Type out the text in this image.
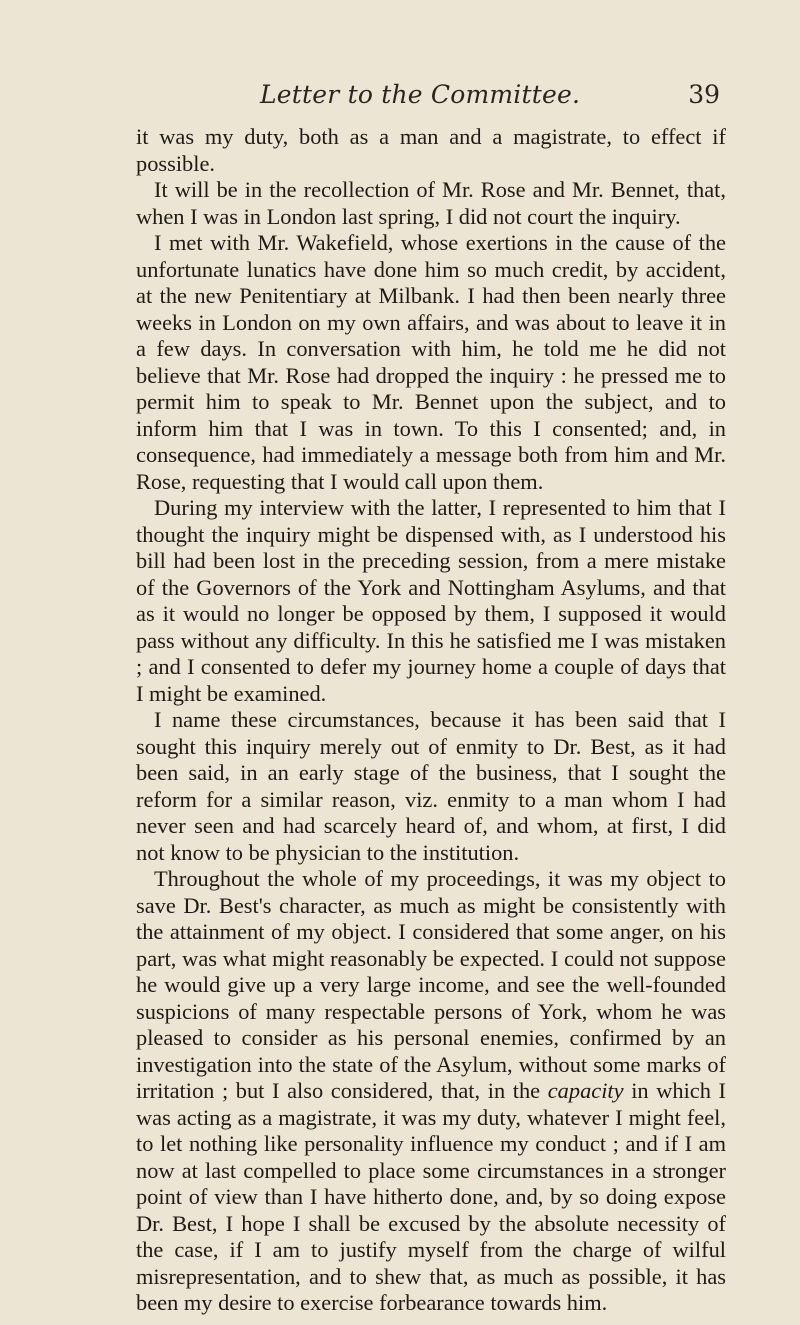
Letter to the Committee.	39

it was my duty, both as a man and a magistrate, to effect if possible.

It will be in the recollection of Mr. Rose and Mr. Bennet, that, when I was in London last spring, I did not court the inquiry.

I met with Mr. Wakefield, whose exertions in the cause of the unfortunate lunatics have done him so much credit, by accident, at the new Penitentiary at Milbank. I had then been nearly three weeks in London on my own affairs, and was about to leave it in a few days. In conversation with him, he told me he did not believe that Mr. Rose had dropped the inquiry : he pressed me to permit him to speak to Mr. Bennet upon the subject, and to inform him that I was in town. To this I consented; and, in consequence, had immediately a message both from him and Mr. Rose, requesting that I would call upon them.

During my interview with the latter, I represented to him that I thought the inquiry might be dispensed with, as I understood his bill had been lost in the preceding session, from a mere mistake of the Governors of the York and Nottingham Asylums, and that as it would no longer be opposed by them, I supposed it would pass without any difficulty. In this he satisfied me I was mistaken ; and I consented to defer my journey home a couple of days that I might be examined.

I name these circumstances, because it has been said that I sought this inquiry merely out of enmity to Dr. Best, as it had been said, in an early stage of the business, that I sought the reform for a similar reason, viz. enmity to a man whom I had never seen and had scarcely heard of, and whom, at first, I did not know to be physician to the institution.

Throughout the whole of my proceedings, it was my object to save Dr. Best's character, as much as might be consistently with the attainment of my object. I considered that some anger, on his part, was what might reasonably be expected. I could not suppose he would give up a very large income, and see the well-founded suspicions of many respectable persons of York, whom he was pleased to consider as his personal enemies, confirmed by an investigation into the state of the Asylum, without some marks of irritation ; but I also considered, that, in the capacity in which I was acting as a magistrate, it was my duty, whatever I might feel, to let nothing like personality influence my conduct ; and if I am now at last compelled to place some circumstances in a stronger point of view than I have hitherto done, and, by so doing expose Dr. Best, I hope I shall be excused by the absolute necessity of the case, if I am to justify myself from the charge of wilful misrepresentation, and to shew that, as much as possible, it has been my desire to exercise forbearance towards him.
